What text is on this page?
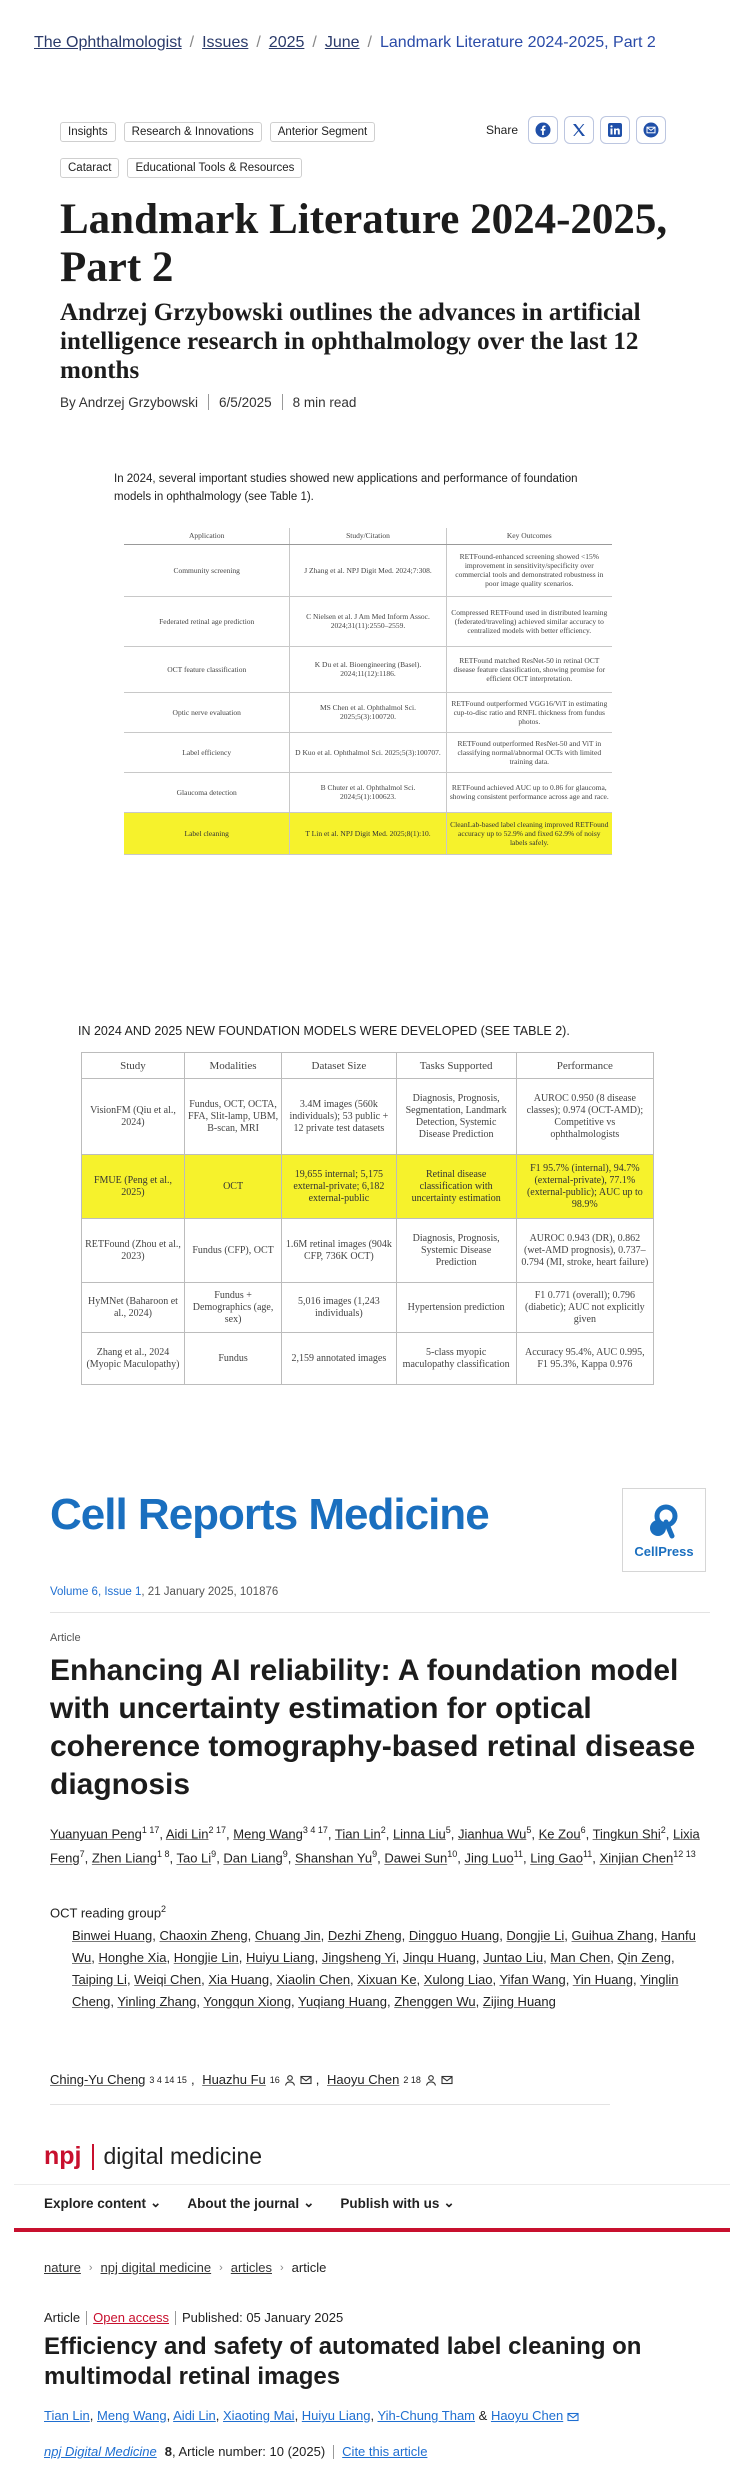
The Ophthalmologist / Issues / 2025 / June / Landmark Literature 2024-2025, Part 2
Insights	Research & Innovations	Anterior Segment
Cataract	Educational Tools & Resources
Share
Landmark Literature 2024-2025, Part 2
Andrzej Grzybowski outlines the advances in artificial intelligence research in ophthalmology over the last 12 months
By Andrzej Grzybowski 6/5/2025 8 min read

In 2024, several important studies showed new applications and performance of foundation models in ophthalmology (see Table 1).

Application	Study/Citation	Key Outcomes
Community screening	J Zhang et al. NPJ Digit Med. 2024;7:308.	RETFound-enhanced screening showed <15% improvement in sensitivity/specificity over commercial tools and demonstrated robustness in poor image quality scenarios.
Federated retinal age prediction	C Nielsen et al. J Am Med Inform Assoc. 2024;31(11):2550–2559.	Compressed RETFound used in distributed learning (federated/traveling) achieved similar accuracy to centralized models with better efficiency.
OCT feature classification	K Du et al. Bioengineering (Basel). 2024;11(12):1186.	RETFound matched ResNet-50 in retinal OCT disease feature classification, showing promise for efficient OCT interpretation.
Optic nerve evaluation	MS Chen et al. Ophthalmol Sci. 2025;5(3):100720.	RETFound outperformed VGG16/ViT in estimating cup-to-disc ratio and RNFL thickness from fundus photos.
Label efficiency	D Kuo et al. Ophthalmol Sci. 2025;5(3):100707.	RETFound outperformed ResNet-50 and ViT in classifying normal/abnormal OCTs with limited training data.
Glaucoma detection	B Chuter et al. Ophthalmol Sci. 2024;5(1):100623.	RETFound achieved AUC up to 0.86 for glaucoma, showing consistent performance across age and race.
Label cleaning	T Lin et al. NPJ Digit Med. 2025;8(1):10.	CleanLab-based label cleaning improved RETFound accuracy up to 52.9% and fixed 62.9% of noisy labels safely.

IN 2024 AND 2025 NEW FOUNDATION MODELS WERE DEVELOPED (SEE TABLE 2).

Study	Modalities	Dataset Size	Tasks Supported	Performance
VisionFM (Qiu et al., 2024)	Fundus, OCT, OCTA, FFA, Slit-lamp, UBM, B-scan, MRI	3.4M images (560k individuals); 53 public + 12 private test datasets	Diagnosis, Prognosis, Segmentation, Landmark Detection, Systemic Disease Prediction	AUROC 0.950 (8 disease classes); 0.974 (OCT-AMD); Competitive vs ophthalmologists
FMUE (Peng et al., 2025)	OCT	19,655 internal; 5,175 external-private; 6,182 external-public	Retinal disease classification with uncertainty estimation	F1 95.7% (internal), 94.7% (external-private), 77.1% (external-public); AUC up to 98.9%
RETFound (Zhou et al., 2023)	Fundus (CFP), OCT	1.6M retinal images (904k CFP, 736K OCT)	Diagnosis, Prognosis, Systemic Disease Prediction	AUROC 0.943 (DR), 0.862 (wet-AMD prognosis), 0.737–0.794 (MI, stroke, heart failure)
HyMNet (Baharoon et al., 2024)	Fundus + Demographics (age, sex)	5,016 images (1,243 individuals)	Hypertension prediction	F1 0.771 (overall); 0.796 (diabetic); AUC not explicitly given
Zhang et al., 2024 (Myopic Maculopathy)	Fundus	2,159 annotated images	5-class myopic maculopathy classification	Accuracy 95.4%, AUC 0.995, F1 95.3%, Kappa 0.976
Cell Reports Medicine
CellPress
Volume 6, Issue 1, 21 January 2025, 101876
Article
Enhancing AI reliability: A foundation model with uncertainty estimation for optical coherence tomography-based retinal disease diagnosis
Yuanyuan Peng$^{1 17}$, Aidi Lin$^{2 17}$, Meng Wang$^{3 4 17}$, Tian Lin$^2$, Linna Liu$^5$, Jianhua Wu$^5$, Ke Zou$^6$, Tingkun Shi$^2$, Lixia Feng$^7$, Zhen Liang$^{1 8}$, Tao Li$^9$, Dan Liang$^9$, Shanshan Yu$^9$, Dawei Sun$^{10}$, Jing Luo$^{11}$, Ling Gao$^{11}$, Xinjian Chen$^{12 13}$
OCT reading group$^2$
Binwei Huang, Chaoxin Zheng, Chuang Jin, Dezhi Zheng, Dingguo Huang, Dongjie Li, Guihua Zhang, Hanfu Wu, Honghe Xia, Hongjie Lin, Huiyu Liang, Jingsheng Yi, Jinqu Huang, Juntao Liu, Man Chen, Qin Zeng, Taiping Li, Weiqi Chen, Xia Huang, Xiaolin Chen, Xixuan Ke, Xulong Liao, Yifan Wang, Yin Huang, Yinglin Cheng, Yinling Zhang, Yongqun Xiong, Yuqiang Huang, Zhenggen Wu, Zijing Huang
Ching-Yu Cheng 3 4 14 15 , Huazhu Fu 16	, Haoyu Chen 2 18
npj digital medicine
Explore content ⌄ About the journal ⌄ Publish with us ⌄
nature › npj digital medicine › articles › article
Article Open access Published: 05 January 2025
Efficiency and safety of automated label cleaning on multimodal retinal images
Tian Lin, Meng Wang, Aidi Lin, Xiaoting Mai, Huiyu Liang, Yih-Chung Tham & Haoyu Chen
npj Digital Medicine 8, Article number: 10 (2025) Cite this article
